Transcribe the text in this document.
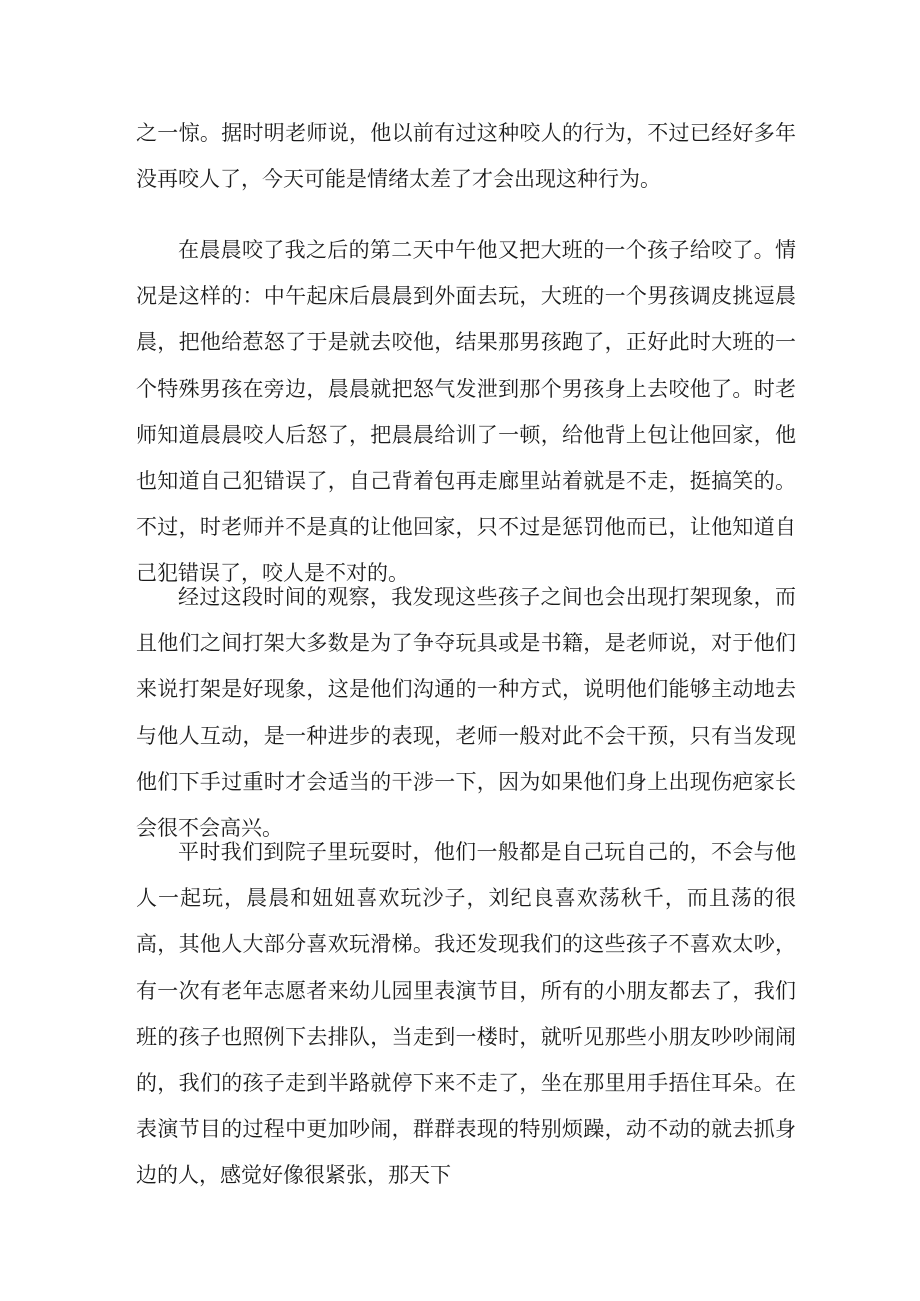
之一惊。据时明老师说，他以前有过这种咬人的行为，不过已经好多年没再咬人了，今天可能是情绪太差了才会出现这种行为。

在晨晨咬了我之后的第二天中午他又把大班的一个孩子给咬了。情况是这样的：中午起床后晨晨到外面去玩，大班的一个男孩调皮挑逗晨晨，把他给惹怒了于是就去咬他，结果那男孩跑了，正好此时大班的一个特殊男孩在旁边，晨晨就把怒气发泄到那个男孩身上去咬他了。时老师知道晨晨咬人后怒了，把晨晨给训了一顿，给他背上包让他回家，他也知道自己犯错误了，自己背着包再走廊里站着就是不走，挺搞笑的。不过，时老师并不是真的让他回家，只不过是惩罚他而已，让他知道自己犯错误了，咬人是不对的。

经过这段时间的观察，我发现这些孩子之间也会出现打架现象，而且他们之间打架大多数是为了争夺玩具或是书籍，是老师说，对于他们来说打架是好现象，这是他们沟通的一种方式，说明他们能够主动地去与他人互动，是一种进步的表现，老师一般对此不会干预，只有当发现他们下手过重时才会适当的干涉一下，因为如果他们身上出现伤疤家长会很不会高兴。

平时我们到院子里玩耍时，他们一般都是自己玩自己的，不会与他人一起玩，晨晨和妞妞喜欢玩沙子，刘纪良喜欢荡秋千，而且荡的很高，其他人大部分喜欢玩滑梯。我还发现我们的这些孩子不喜欢太吵，有一次有老年志愿者来幼儿园里表演节目，所有的小朋友都去了，我们班的孩子也照例下去排队，当走到一楼时，就听见那些小朋友吵吵闹闹的，我们的孩子走到半路就停下来不走了，坐在那里用手捂住耳朵。在表演节目的过程中更加吵闹，群群表现的特别烦躁，动不动的就去抓身边的人，感觉好像很紧张，那天下
